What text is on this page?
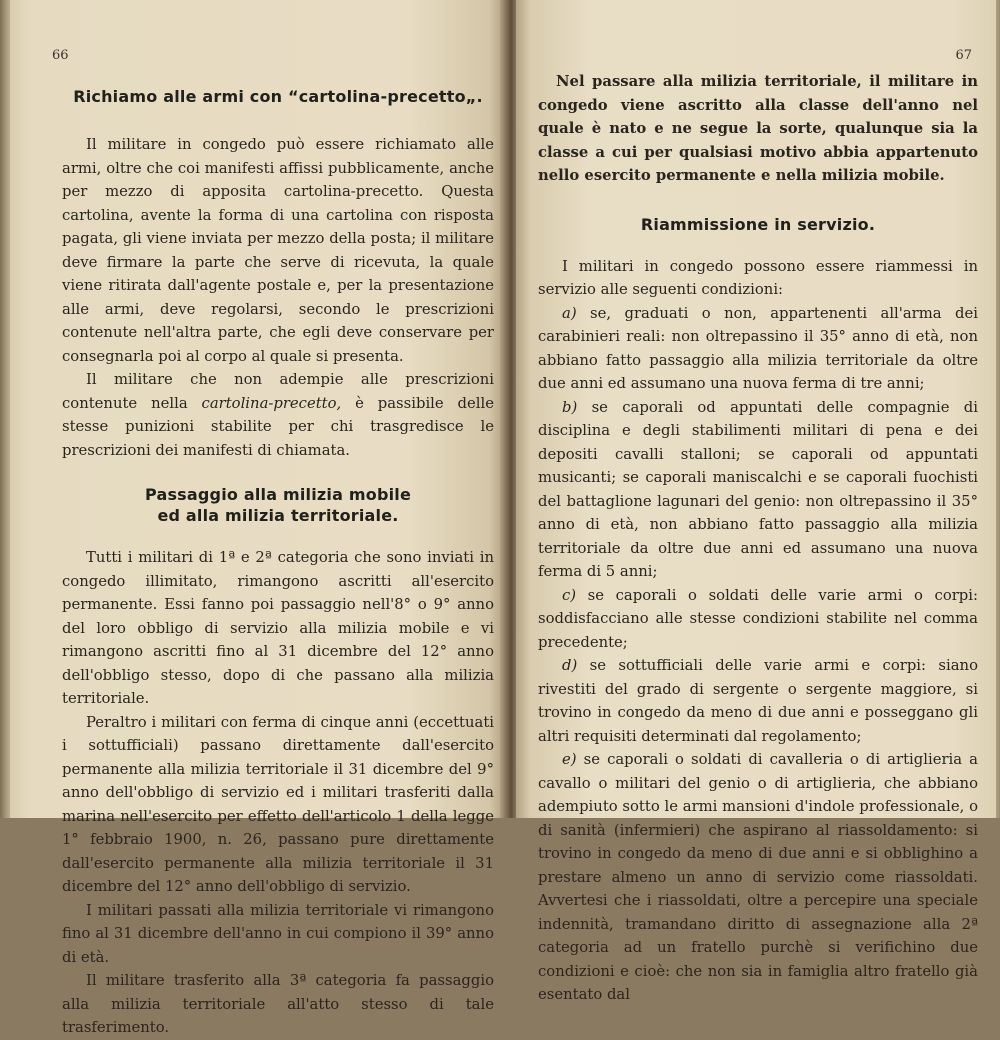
66
Richiamo alle armi con “cartolina-precetto„.

Il militare in congedo può essere richiamato alle armi, oltre che coi manifesti affissi pubblicamente, anche per mezzo di apposita cartolina-precetto. Questa cartolina, avente la forma di una cartolina con risposta pagata, gli viene inviata per mezzo della posta; il militare deve firmare la parte che serve di ricevuta, la quale viene ritirata dall'agente postale e, per la presentazione alle armi, deve regolarsi, secondo le prescrizioni contenute nell'altra parte, che egli deve conservare per consegnarla poi al corpo al quale si presenta.

Il militare che non adempie alle prescrizioni contenute nella cartolina-precetto, è passibile delle stesse punizioni stabilite per chi trasgredisce le prescrizioni dei manifesti di chiamata.

Passaggio alla milizia mobile
ed alla milizia territoriale.

Tutti i militari di 1ª e 2ª categoria che sono inviati in congedo illimitato, rimangono ascritti all'esercito permanente. Essi fanno poi passaggio nell'8° o 9° anno del loro obbligo di servizio alla milizia mobile e vi rimangono ascritti fino al 31 dicembre del 12° anno dell'obbligo stesso, dopo di che passano alla milizia territoriale.

Peraltro i militari con ferma di cinque anni (eccettuati i sottufficiali) passano direttamente dall'esercito permanente alla milizia territoriale il 31 dicembre del 9° anno dell'obbligo di servizio ed i militari trasferiti dalla marina nell'esercito per effetto dell'articolo 1 della legge 1° febbraio 1900, n. 26, passano pure direttamente dall'esercito permanente alla milizia territoriale il 31 dicembre del 12° anno dell'obbligo di servizio.

I militari passati alla milizia territoriale vi rimangono fino al 31 dicembre dell'anno in cui compiono il 39° anno di età.

Il militare trasferito alla 3ª categoria fa passaggio alla milizia territoriale all'atto stesso di tale trasferimento.

67

Nel passare alla milizia territoriale, il militare in congedo viene ascritto alla classe dell'anno nel quale è nato e ne segue la sorte, qualunque sia la classe a cui per qualsiasi motivo abbia appartenuto nello esercito permanente e nella milizia mobile.

Riammissione in servizio.

I militari in congedo possono essere riammessi in servizio alle seguenti condizioni:

a) se, graduati o non, appartenenti all'arma dei carabinieri reali: non oltrepassino il 35° anno di età, non abbiano fatto passaggio alla milizia territoriale da oltre due anni ed assumano una nuova ferma di tre anni;

b) se caporali od appuntati delle compagnie di disciplina e degli stabilimenti militari di pena e dei depositi cavalli stalloni; se caporali od appuntati musicanti; se caporali maniscalchi e se caporali fuochisti del battaglione lagunari del genio: non oltrepassino il 35° anno di età, non abbiano fatto passaggio alla milizia territoriale da oltre due anni ed assumano una nuova ferma di 5 anni;

c) se caporali o soldati delle varie armi o corpi: soddisfacciano alle stesse condizioni stabilite nel comma precedente;

d) se sottufficiali delle varie armi e corpi: siano rivestiti del grado di sergente o sergente maggiore, si trovino in congedo da meno di due anni e posseggano gli altri requisiti determinati dal regolamento;

e) se caporali o soldati di cavalleria o di artiglieria a cavallo o militari del genio o di artiglieria, che abbiano adempiuto sotto le armi mansioni d'indole professionale, o di sanità (infermieri) che aspirano al riassoldamento: si trovino in congedo da meno di due anni e si obblighino a prestare almeno un anno di servizio come riassoldati. Avvertesi che i riassoldati, oltre a percepire una speciale indennità, tramandano diritto di assegnazione alla 2ª categoria ad un fratello purchè si verifichino due condizioni e cioè: che non sia in famiglia altro fratello già esentato dal
